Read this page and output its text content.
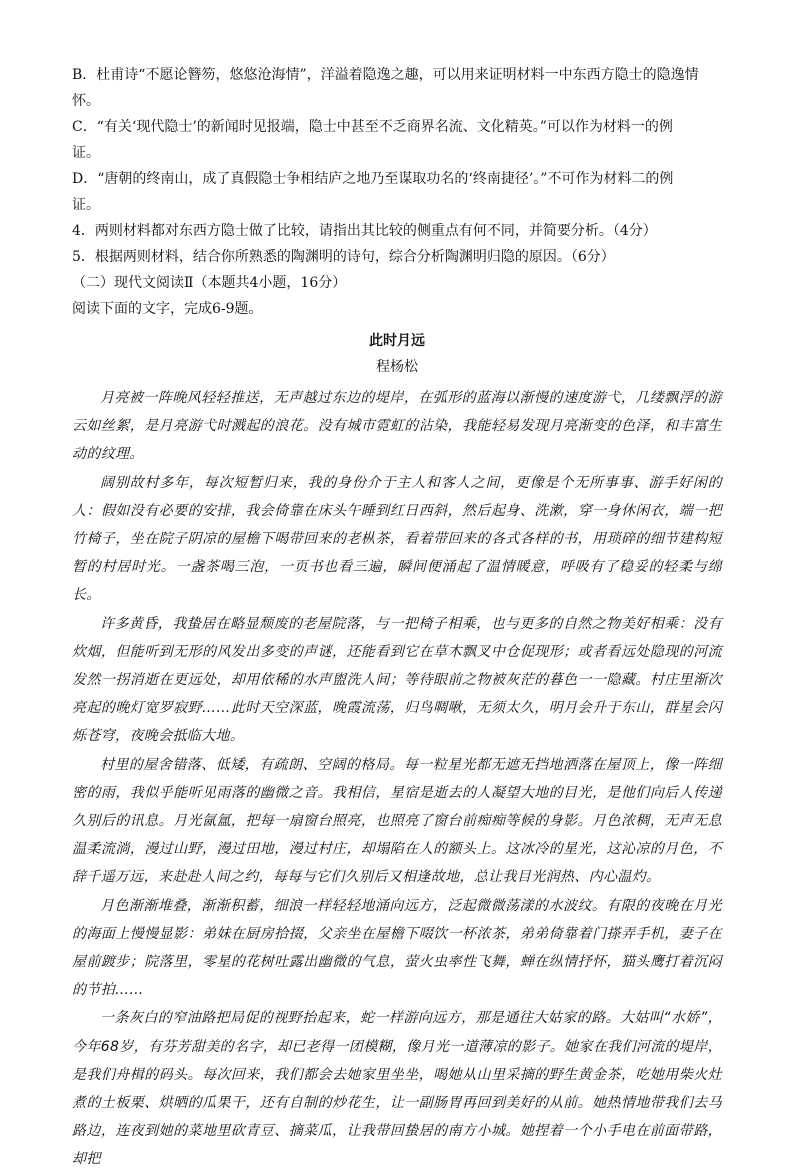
B．杜甫诗“不愿论簪笏，悠悠沧海情”，洋溢着隐逸之趣，可以用来证明材料一中东西方隐士的隐逸情

怀。

C．“有关‘现代隐士’的新闻时见报端，隐士中甚至不乏商界名流、文化精英。”可以作为材料一的例

证。

D．“唐朝的终南山，成了真假隐士争相结庐之地乃至谋取功名的‘终南捷径’。”不可作为材料二的例

证。

4．两则材料都对东西方隐士做了比较，请指出其比较的侧重点有何不同，并简要分析。（4分）

5．根据两则材料，结合你所熟悉的陶渊明的诗句，综合分析陶渊明归隐的原因。（6分）

（二）现代文阅读Ⅱ（本题共4小题，16分）

阅读下面的文字，完成6-9题。

此时月远

程杨松

月亮被一阵晚风轻轻推送，无声越过东边的堤岸，在弧形的蓝海以渐慢的速度游弋，几缕飘浮的游云如丝絮，是月亮游弋时溅起的浪花。没有城市霓虹的沾染，我能轻易发现月亮渐变的色泽，和丰富生动的纹理。

阔别故村多年，每次短暂归来，我的身份介于主人和客人之间，更像是个无所事事、游手好闲的人：假如没有必要的安排，我会倚靠在床头午睡到红日西斜，然后起身、洗漱，穿一身休闲衣，端一把竹椅子，坐在院子阴凉的屋檐下喝带回来的老枞茶，看着带回来的各式各样的书，用琐碎的细节建构短暂的村居时光。一盏茶喝三泡，一页书也看三遍，瞬间便涌起了温情暖意，呼吸有了稳妥的轻柔与绵长。

许多黄昏，我蛰居在略显颓废的老屋院落，与一把椅子相乘，也与更多的自然之物美好相乘：没有炊烟，但能听到无形的风发出多变的声谜，还能看到它在草木飘叉中仓促现形；或者看远处隐现的河流发然一拐消逝在更远处，却用依稀的水声盥洗人间；等待眼前之物被灰茫的暮色一一隐藏。村庄里渐次亮起的晚灯宽罗寂野……此时天空深蓝，晚霞流荡，归鸟啁啾，无须太久，明月会升于东山，群星会闪烁苍穹，夜晚会抵临大地。

村里的屋舍错落、低矮，有疏朗、空阔的格局。每一粒星光都无遮无挡地洒落在屋顶上，像一阵细密的雨，我似乎能听见雨落的幽微之音。我相信，星宿是逝去的人凝望大地的目光，是他们向后人传递久别后的讯息。月光氤氲，把每一扇窗台照亮，也照亮了窗台前痴痴等候的身影。月色浓稠，无声无息温柔流淌，漫过山野，漫过田地，漫过村庄，却塌陷在人的额头上。这冰冷的星光，这沁凉的月色，不辞千遥万远，来赴赴人间之约，每每与它们久别后又相逢故地，总让我目光润热、内心温灼。

月色渐渐堆叠，渐渐积蓄，细浪一样轻轻地涌向远方，泛起微微荡漾的水波纹。有限的夜晚在月光的海面上慢慢显影：弟妹在厨房拾掇，父亲坐在屋檐下啜饮一杯浓茶，弟弟倚靠着门搽弄手机，妻子在屋前踱步；院落里，零星的花树吐露出幽微的气息，萤火虫率性飞舞，蝉在纵情抒怀，猫头鹰打着沉闷的节拍……

一条灰白的窄油路把局促的视野抬起来，蛇一样游向远方，那是通往大姑家的路。大姑叫“水娇”，今年68岁，有芬芳甜美的名字，却已老得一团模糊，像月光一道薄凉的影子。她家在我们河流的堤岸，是我们舟楫的码头。每次回来，我们都会去她家里坐坐，喝她从山里采摘的野生黄金茶，吃她用柴火灶煮的土板栗、烘晒的瓜果干，还有自制的炒花生，让一副肠胃再回到美好的从前。她热情地带我们去马路边，连夜到她的菜地里砍青豆、摘菜瓜，让我带回蛰居的南方小城。她捏着一个小手电在前面带路，却把
